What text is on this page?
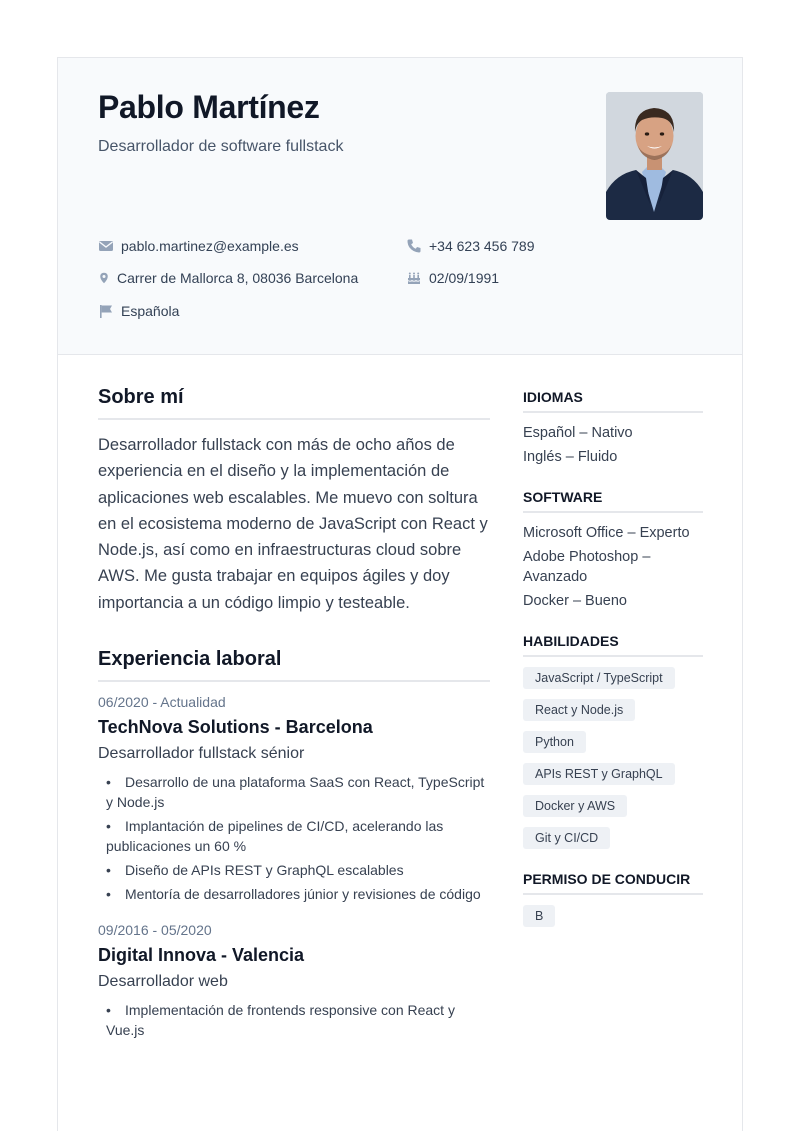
Pablo Martínez
Desarrollador de software fullstack
pablo.martinez@example.es	+34 623 456 789
Carrer de Mallorca 8, 08036 Barcelona	02/09/1991
Española
Sobre mí

Desarrollador fullstack con más de ocho años de experiencia en el diseño y la implementación de aplicaciones web escalables. Me muevo con soltura en el ecosistema moderno de JavaScript con React y Node.js, así como en infraestructuras cloud sobre AWS. Me gusta trabajar en equipos ágiles y doy importancia a un código limpio y testeable.

Experiencia laboral
06/2020 - Actualidad
TechNova Solutions - Barcelona
Desarrollador fullstack sénior
• Desarrollo de una plataforma SaaS con React, TypeScript y Node.js
• Implantación de pipelines de CI/CD, acelerando las publicaciones un 60 %
• Diseño de APIs REST y GraphQL escalables
• Mentoría de desarrolladores júnior y revisiones de código
09/2016 - 05/2020
Digital Innova - Valencia
Desarrollador web
• Implementación de frontends responsive con React y Vue.js
IDIOMAS
Español – Nativo
Inglés – Fluido
SOFTWARE
Microsoft Office – Experto
Adobe Photoshop – Avanzado
Docker – Bueno
HABILIDADES
JavaScript / TypeScript
React y Node.js
Python
APIs REST y GraphQL
Docker y AWS
Git y CI/CD
PERMISO DE CONDUCIR
B
